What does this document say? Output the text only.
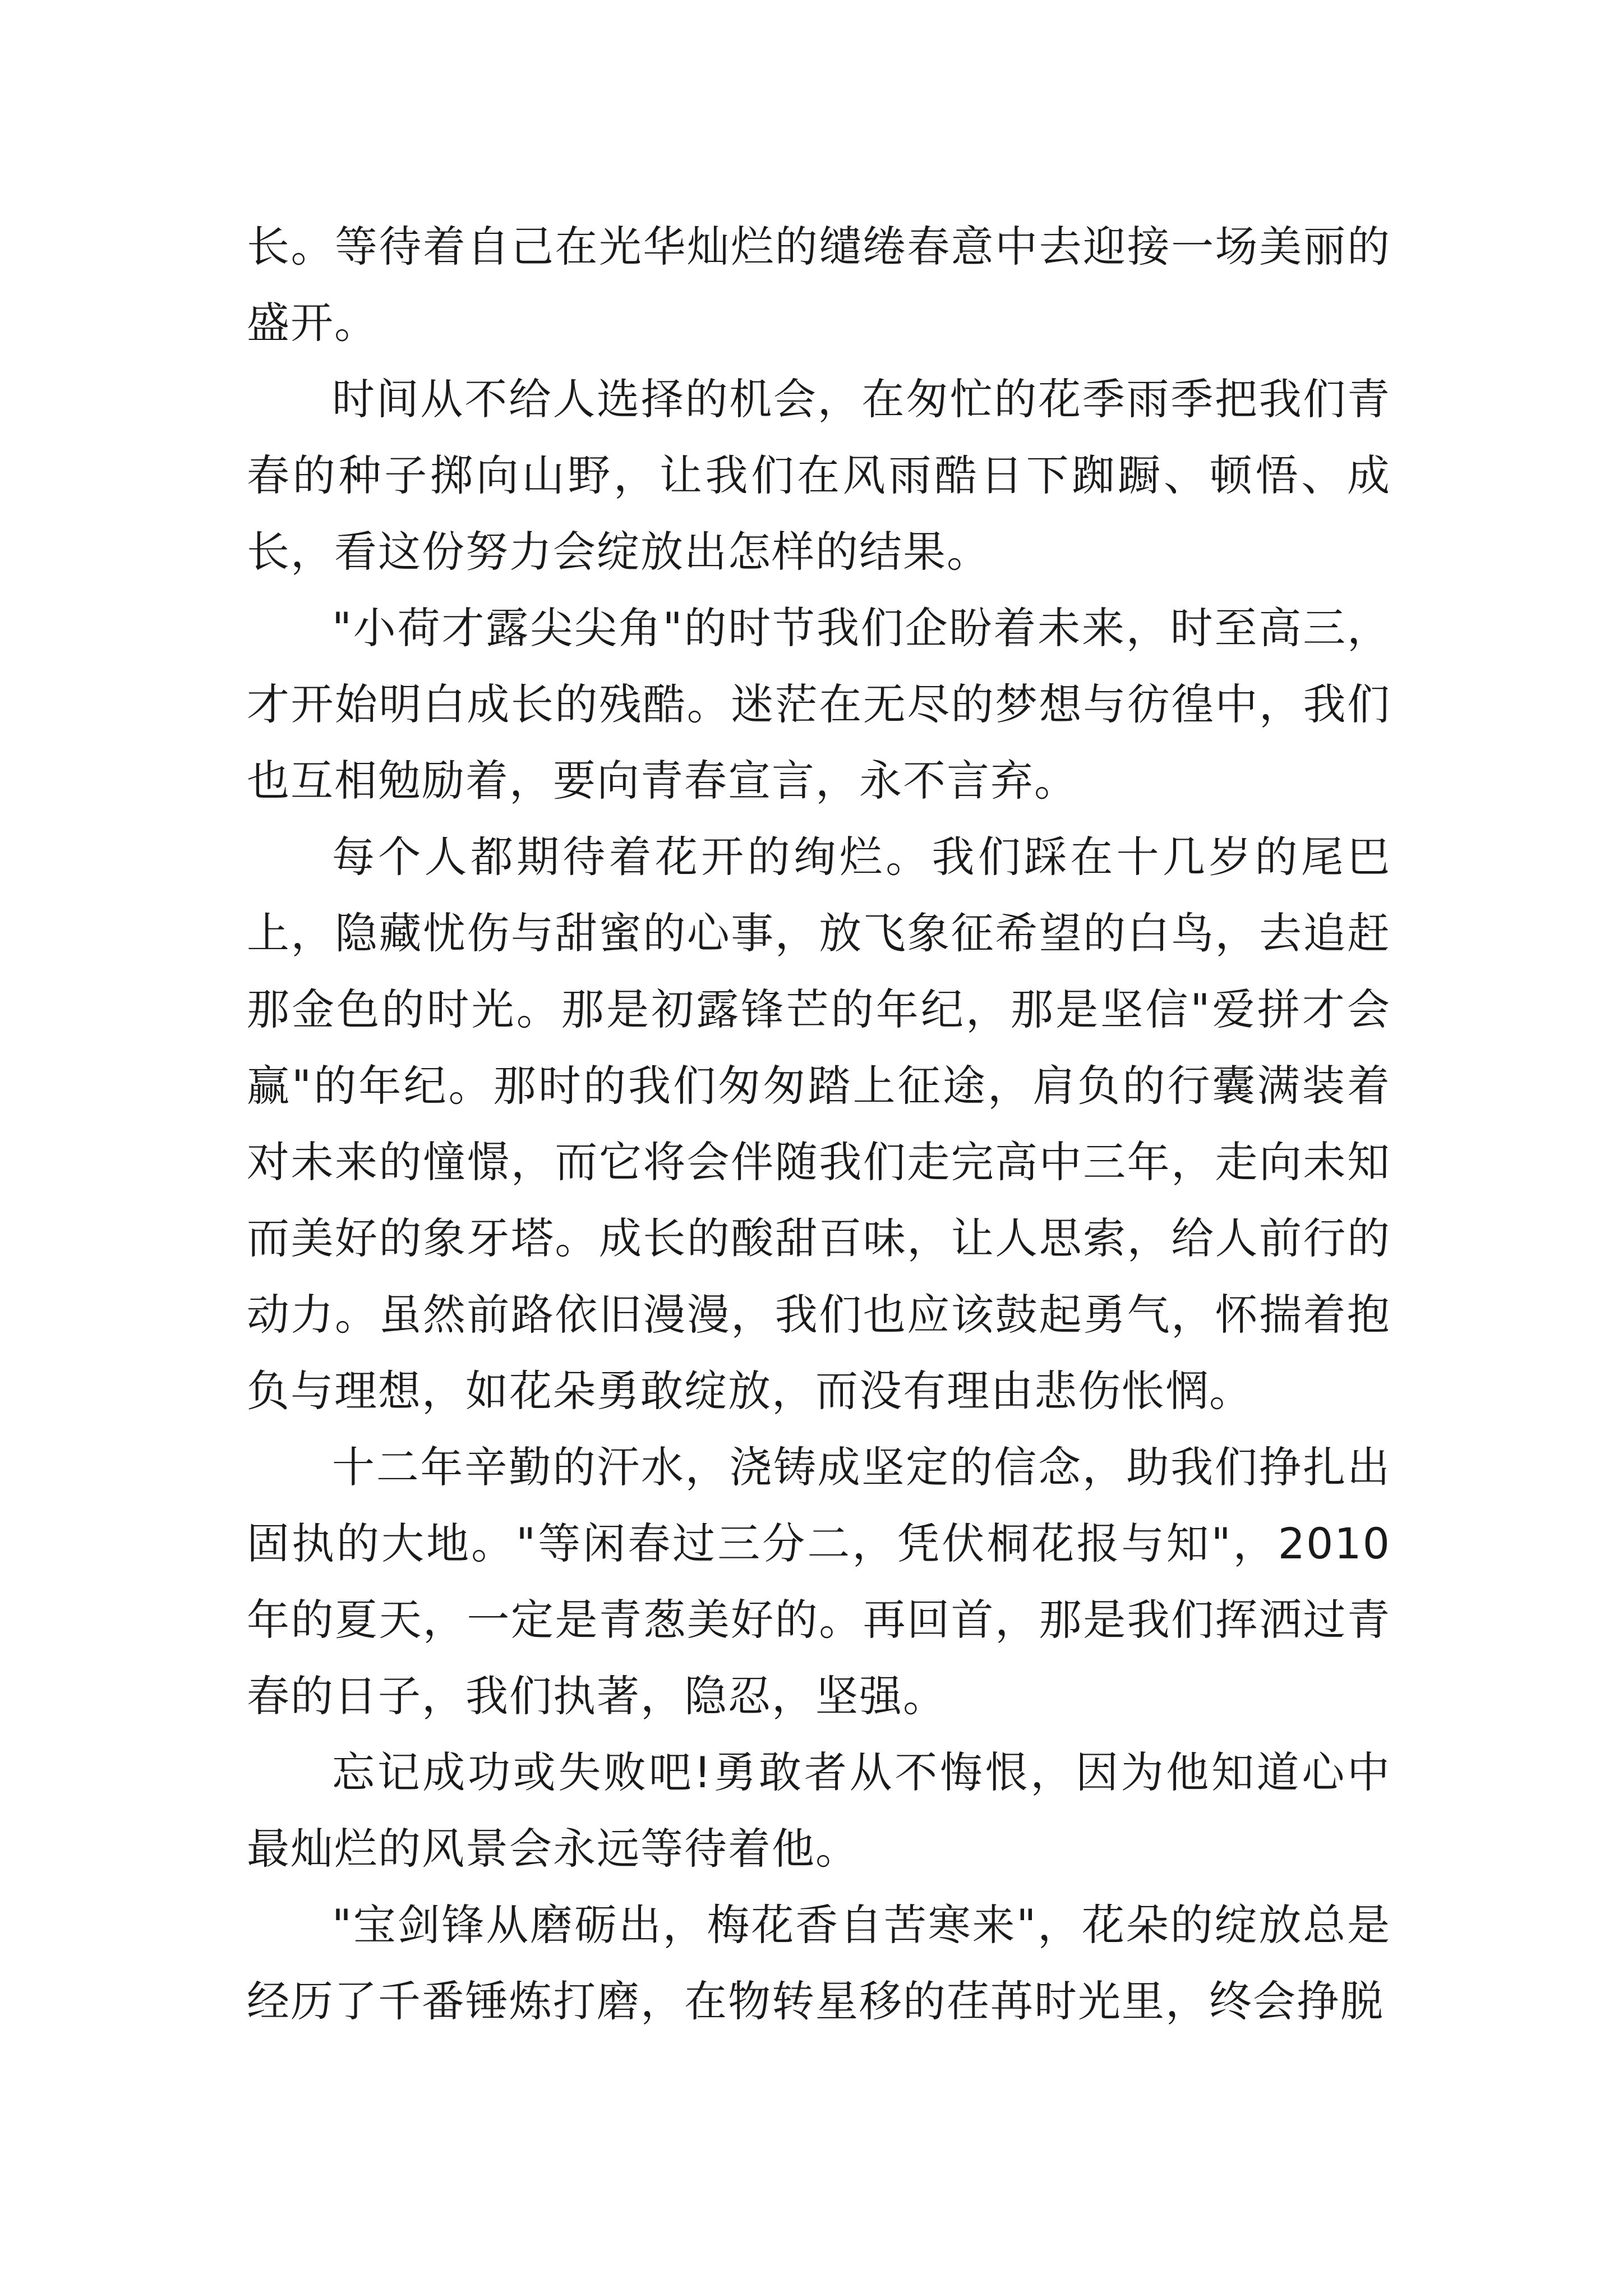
长。等待着自己在光华灿烂的缱绻春意中去迎接一场美丽的盛开。

时间从不给人选择的机会，在匆忙的花季雨季把我们青春的种子掷向山野，让我们在风雨酷日下踟蹰、顿悟、成长，看这份努力会绽放出怎样的结果。

"小荷才露尖尖角"的时节我们企盼着未来，时至高三，才开始明白成长的残酷。迷茫在无尽的梦想与彷徨中，我们也互相勉励着，要向青春宣言，永不言弃。

每个人都期待着花开的绚烂。我们踩在十几岁的尾巴上，隐藏忧伤与甜蜜的心事，放飞象征希望的白鸟，去追赶那金色的时光。那是初露锋芒的年纪，那是坚信"爱拼才会赢"的年纪。那时的我们匆匆踏上征途，肩负的行囊满装着对未来的憧憬，而它将会伴随我们走完高中三年，走向未知而美好的象牙塔。成长的酸甜百味，让人思索，给人前行的动力。虽然前路依旧漫漫，我们也应该鼓起勇气，怀揣着抱负与理想，如花朵勇敢绽放，而没有理由悲伤怅惘。

十二年辛勤的汗水，浇铸成坚定的信念，助我们挣扎出固执的大地。"等闲春过三分二，凭伏桐花报与知"，2010 年的夏天，一定是青葱美好的。再回首，那是我们挥洒过青春的日子，我们执著，隐忍，坚强。

忘记成功或失败吧!勇敢者从不悔恨，因为他知道心中最灿烂的风景会永远等待着他。

"宝剑锋从磨砺出，梅花香自苦寒来"，花朵的绽放总是经历了千番锤炼打磨，在物转星移的荏苒时光里，终会挣脱
